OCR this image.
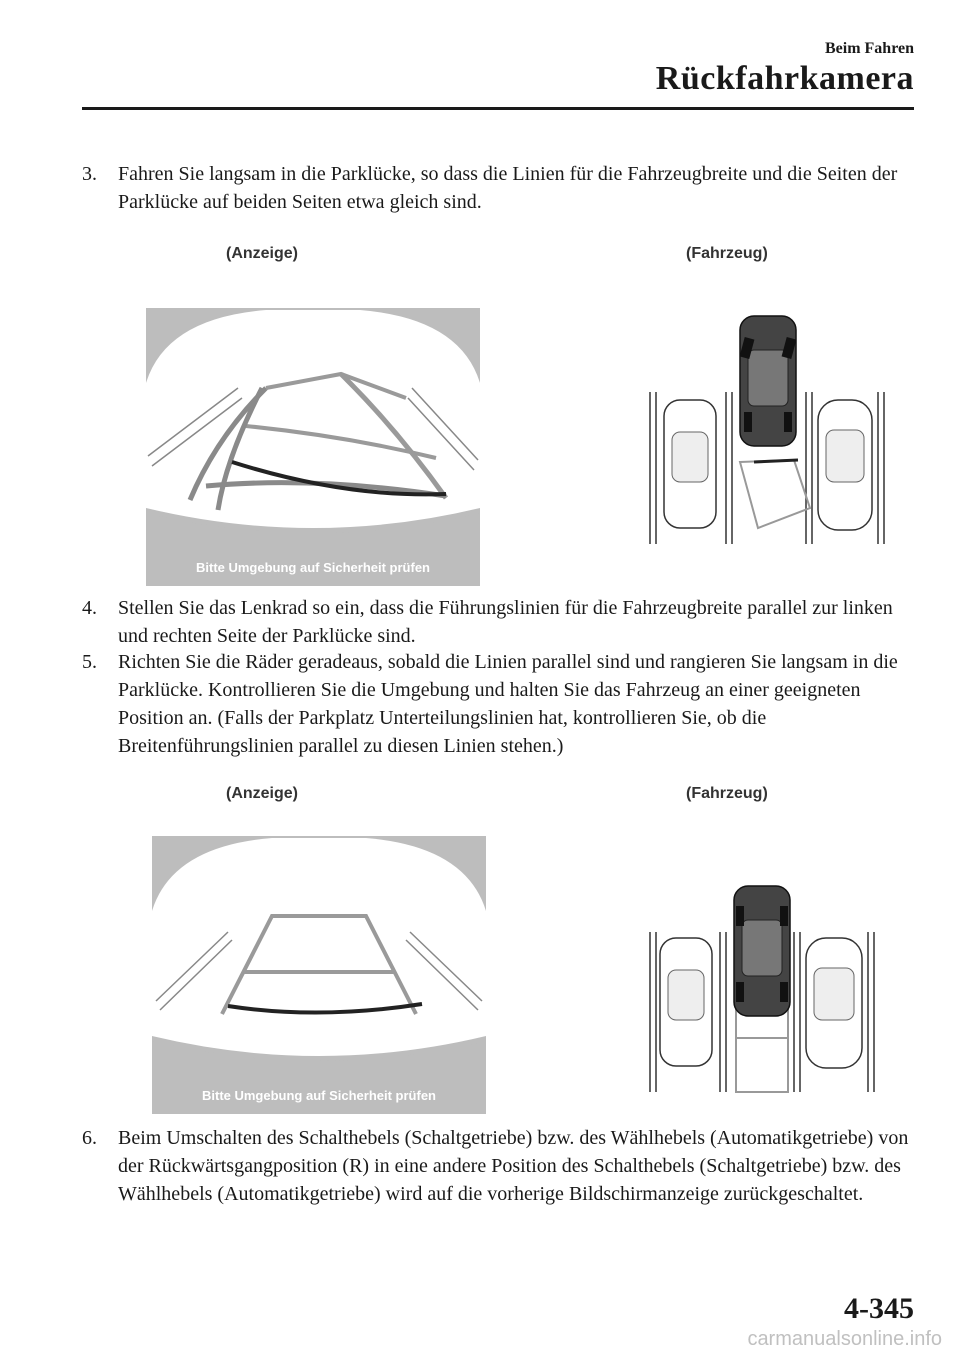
Beim Fahren
Rückfahrkamera
3.	Fahren Sie langsam in die Parklücke, so dass die Linien für die Fahrzeugbreite und die Seiten der Parklücke auf beiden Seiten etwa gleich sind.
(Anzeige)	(Fahrzeug)
Bitte Umgebung auf Sicherheit prüfen
4.	Stellen Sie das Lenkrad so ein, dass die Führungslinien für die Fahrzeugbreite parallel zur linken und rechten Seite der Parklücke sind.
5.	Richten Sie die Räder geradeaus, sobald die Linien parallel sind und rangieren Sie langsam in die Parklücke. Kontrollieren Sie die Umgebung und halten Sie das Fahrzeug an einer geeigneten Position an. (Falls der Parkplatz Unterteilungslinien hat, kontrollieren Sie, ob die Breitenführungslinien parallel zu diesen Linien stehen.)
(Anzeige)	(Fahrzeug)
Bitte Umgebung auf Sicherheit prüfen
6.	Beim Umschalten des Schalthebels (Schaltgetriebe) bzw. des Wählhebels (Automatikgetriebe) von der Rückwärtsgangposition (R) in eine andere Position des Schalthebels (Schaltgetriebe) bzw. des Wählhebels (Automatikgetriebe) wird auf die vorherige Bildschirmanzeige zurückgeschaltet.
4-345
carmanualsonline.info
